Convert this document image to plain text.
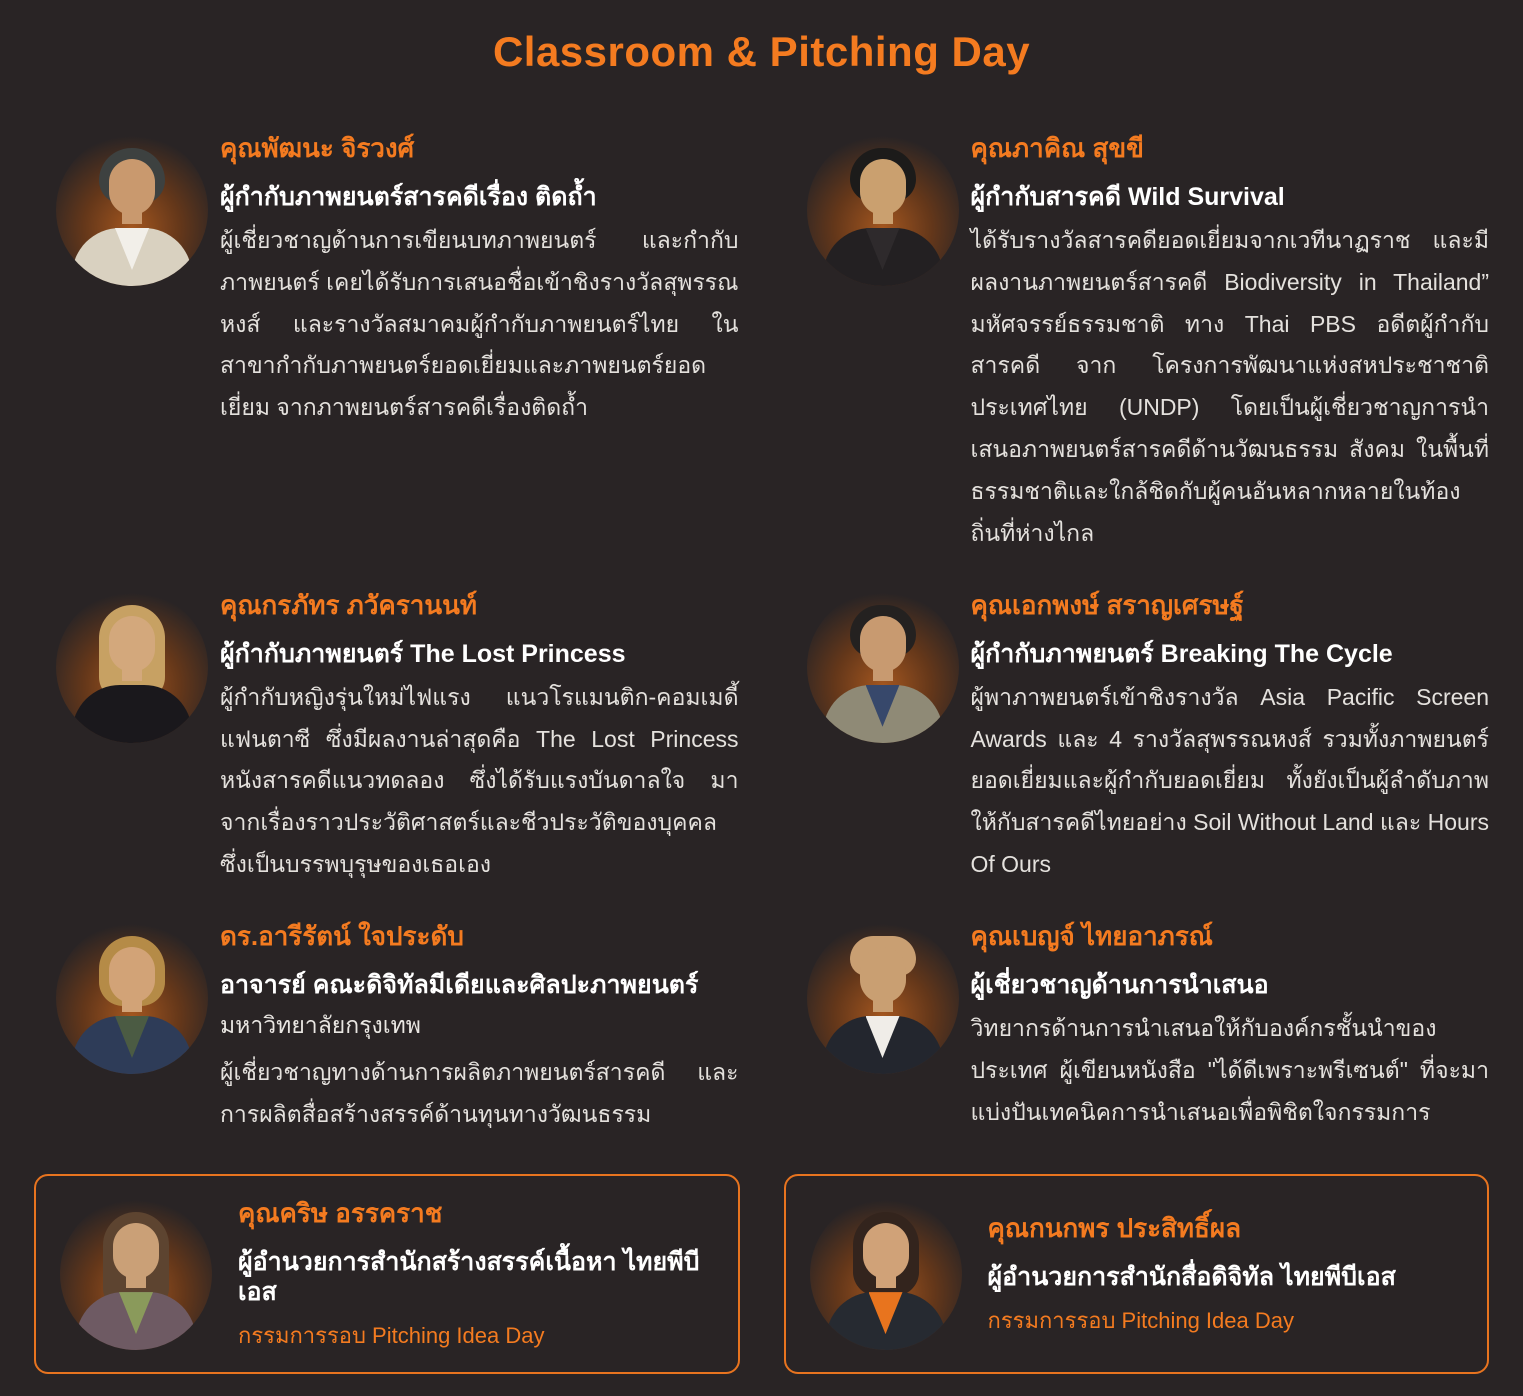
Classroom & Pitching Day

คุณพัฒนะ จิรวงศ์

ผู้กำกับภาพยนตร์สารคดีเรื่อง ติดถ้ำ

ผู้เชี่ยวชาญด้านการเขียนบทภาพยนตร์ และกำกับภาพยนตร์ เคยได้รับการเสนอชื่อเข้าชิงรางวัลสุพรรณหงส์ และรางวัลสมาคมผู้กำกับภาพยนตร์ไทย ในสาขากำกับภาพยนตร์ยอดเยี่ยมและภาพยนตร์ยอดเยี่ยม จากภาพยนตร์สารคดีเรื่องติดถ้ำ

คุณภาคิณ สุขขี

ผู้กำกับสารคดี Wild Survival

ได้รับรางวัลสารคดียอดเยี่ยมจากเวทีนาฏราช และมีผลงานภาพยนตร์สารคดี Biodiversity in Thailand” มหัศจรรย์ธรรมชาติ ทาง Thai PBS อดีตผู้กำกับสารคดี จาก โครงการพัฒนาแห่งสหประชาชาติประเทศไทย (UNDP) โดยเป็นผู้เชี่ยวชาญการนำเสนอภาพยนตร์สารคดีด้านวัฒนธรรม สังคม ในพื้นที่ธรรมชาติและใกล้ชิดกับผู้คนอันหลากหลายในท้องถิ่นที่ห่างไกล

คุณกรภัทร ภวัครานนท์

ผู้กำกับภาพยนตร์ The Lost Princess

ผู้กำกับหญิงรุ่นใหม่ไฟแรง แนวโรแมนติก-คอมเมดี้ แฟนตาซี ซึ่งมีผลงานล่าสุดคือ The Lost Princess หนังสารคดีแนวทดลอง ซึ่งได้รับแรงบันดาลใจ มาจากเรื่องราวประวัติศาสตร์และชีวประวัติของบุคคล ซึ่งเป็นบรรพบุรุษของเธอเอง

คุณเอกพงษ์ สราญเศรษฐ์

ผู้กำกับภาพยนตร์ Breaking The Cycle

ผู้พาภาพยนตร์เข้าชิงรางวัล Asia Pacific Screen Awards และ 4 รางวัลสุพรรณหงส์ รวมทั้งภาพยนตร์ยอดเยี่ยมและผู้กำกับยอดเยี่ยม ทั้งยังเป็นผู้ลำดับภาพให้กับสารคดีไทยอย่าง Soil Without Land และ Hours Of Ours

ดร.อารีรัตน์ ใจประดับ

อาจารย์ คณะดิจิทัลมีเดียและศิลปะภาพยนตร์

มหาวิทยาลัยกรุงเทพ

ผู้เชี่ยวชาญทางด้านการผลิตภาพยนตร์สารคดี และการผลิตสื่อสร้างสรรค์ด้านทุนทางวัฒนธรรม

คุณเบญจ์ ไทยอาภรณ์

ผู้เชี่ยวชาญด้านการนำเสนอ

วิทยากรด้านการนำเสนอให้กับองค์กรชั้นนำของประเทศ ผู้เขียนหนังสือ "ได้ดีเพราะพรีเซนต์" ที่จะมาแบ่งปันเทคนิคการนำเสนอเพื่อพิชิตใจกรรมการ

คุณคริษ อรรคราช

ผู้อำนวยการสำนักสร้างสรรค์เนื้อหา ไทยพีบีเอส

กรรมการรอบ Pitching Idea Day

คุณกนกพร ประสิทธิ์ผล

ผู้อำนวยการสำนักสื่อดิจิทัล ไทยพีบีเอส

กรรมการรอบ Pitching Idea Day
